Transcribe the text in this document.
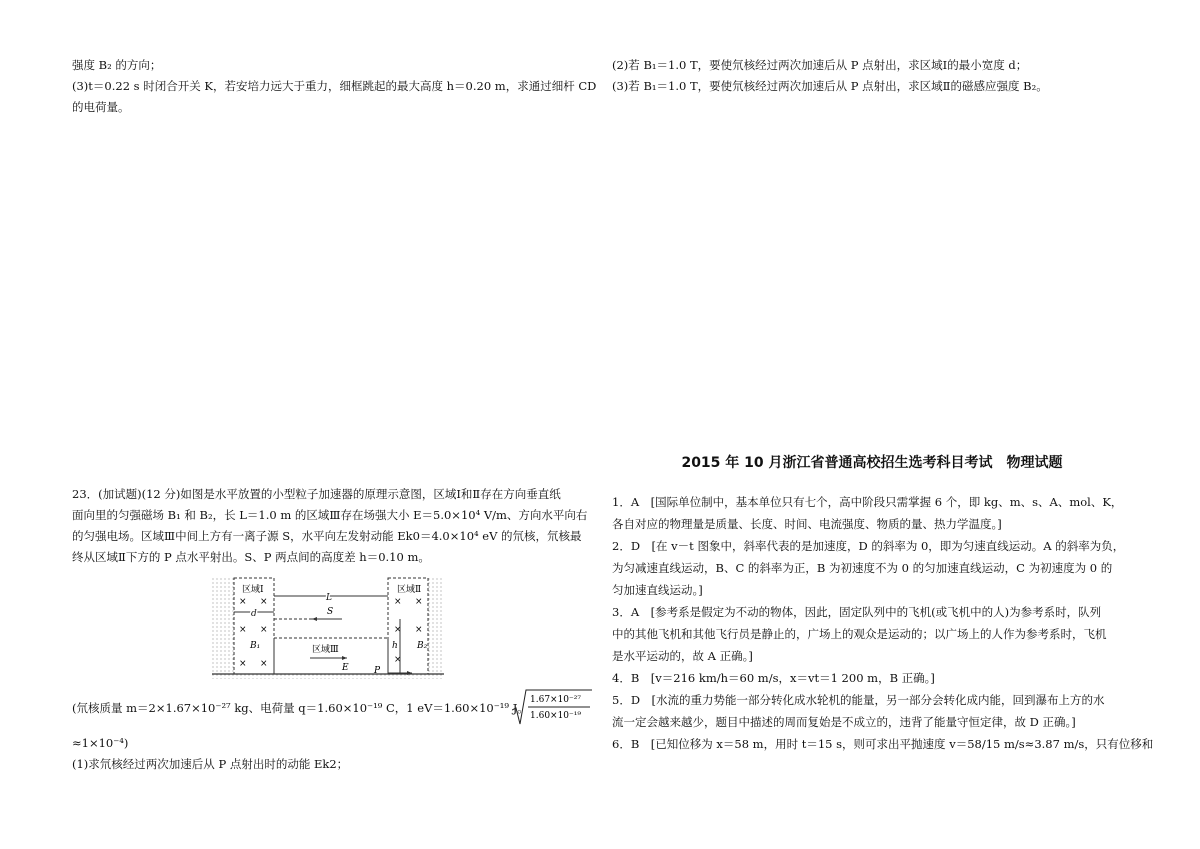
强度 B₂ 的方向；

(3)t＝0.22 s 时闭合开关 K，若安培力远大于重力，细框跳起的最大高度 h＝0.20 m，求通过细杆 CD

的电荷量。

(2)若 B₁＝1.0 T，要使氘核经过两次加速后从 P 点射出，求区域Ⅰ的最小宽度 d；

(3)若 B₁＝1.0 T，要使氘核经过两次加速后从 P 点射出，求区域Ⅱ的磁感应强度 B₂。

23．(加试题)(12 分)如图是水平放置的小型粒子加速器的原理示意图，区域Ⅰ和Ⅱ存在方向垂直纸

面向里的匀强磁场 B₁ 和 B₂，长 L＝1.0 m 的区域Ⅲ存在场强大小 E＝5.0×10⁴ V/m、方向水平向右

的匀强电场。区域Ⅲ中间上方有一离子源 S，水平向左发射动能 Ek0＝4.0×10⁴ eV 的氘核，氘核最

终从区域Ⅱ下方的 P 点水平射出。S、P 两点间的高度差 h＝0.10 m。

区域Ⅰ	区域Ⅱ
区域Ⅲ
× ×
× ×
× ×
× ×
× ×
×
d
L
S
E
h B₂
B₁
P

(氘核质量 m＝2×1.67×10⁻²⁷ kg、电荷量 q＝1.60×10⁻¹⁹ C，1 eV＝1.60×10⁻¹⁹ J。

1.67×10⁻²⁷
1.60×10⁻¹⁹

≈1×10⁻⁴)

(1)求氘核经过两次加速后从 P 点射出时的动能 Ek2；

2015 年 10 月浙江省普通高校招生选考科目考试　物理试题

1．A　[国际单位制中，基本单位只有七个，高中阶段只需掌握 6 个，即 kg、m、s、A、mol、K，

各自对应的物理量是质量、长度、时间、电流强度、物质的量、热力学温度。]

2．D　[在 v－t 图象中，斜率代表的是加速度，D 的斜率为 0，即为匀速直线运动。A 的斜率为负，

为匀减速直线运动，B、C 的斜率为正，B 为初速度不为 0 的匀加速直线运动，C 为初速度为 0 的

匀加速直线运动。]

3．A　[参考系是假定为不动的物体，因此，固定队列中的飞机(或飞机中的人)为参考系时，队列

中的其他飞机和其他飞行员是静止的，广场上的观众是运动的；以广场上的人作为参考系时，飞机

是水平运动的，故 A 正确。]

4．B　[v＝216 km/h＝60 m/s，x＝vt＝1 200 m，B 正确。]

5．D　[水流的重力势能一部分转化成水轮机的能量，另一部分会转化成内能，回到瀑布上方的水

流一定会越来越少，题目中描述的周而复始是不成立的，违背了能量守恒定律，故 D 正确。]

6．B　[已知位移为 x＝58 m，用时 t＝15 s，则可求出平抛速度 v＝58/15 m/s≈3.87 m/s，只有位移和
